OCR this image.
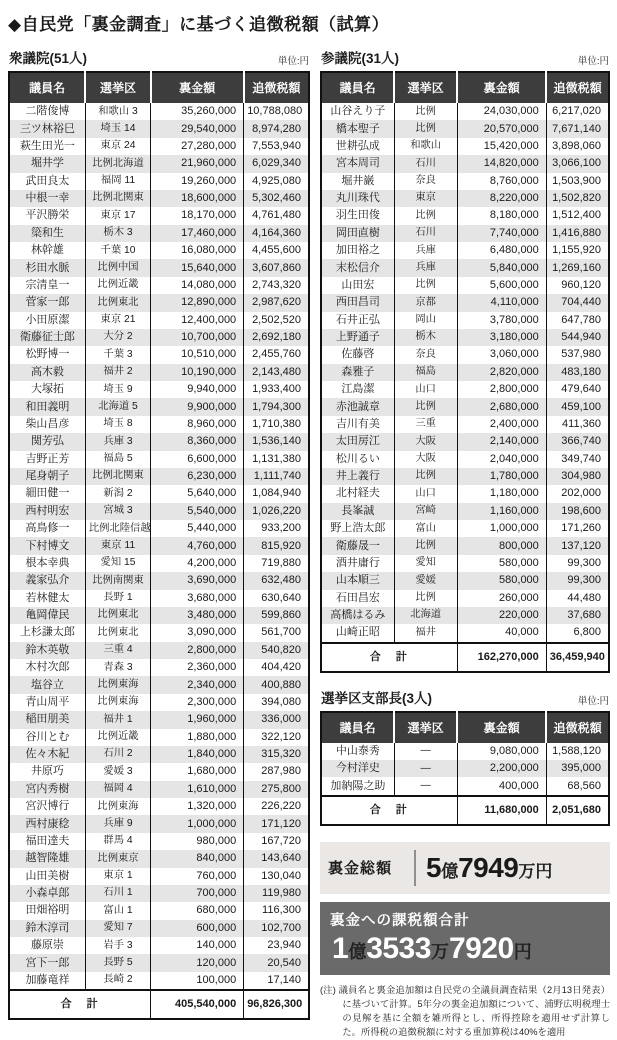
◆自民党「裏金調査」に基づく追徴税額（試算）
衆議院(51人)	単位:円
議員名	選挙区	裏金額	追徴税額
二階俊博	和歌山 3	35,260,000	10,788,080
三ツ林裕巳	埼玉 14	29,540,000	8,974,280
萩生田光一	東京 24	27,280,000	7,553,940
堀井学	比例北海道	21,960,000	6,029,340
武田良太	福岡 11	19,260,000	4,925,080
中根一幸	比例北関東	18,600,000	5,302,460
平沢勝栄	東京 17	18,170,000	4,761,480
簗和生	栃木 3	17,460,000	4,164,360
林幹雄	千葉 10	16,080,000	4,455,600
杉田水脈	比例中国	15,640,000	3,607,860
宗清皇一	比例近畿	14,080,000	2,743,320
菅家一郎	比例東北	12,890,000	2,987,620
小田原潔	東京 21	12,400,000	2,502,520
衛藤征士郎	大分 2	10,700,000	2,692,180
松野博一	千葉 3	10,510,000	2,455,760
高木毅	福井 2	10,190,000	2,143,480
大塚拓	埼玉 9	9,940,000	1,933,400
和田義明	北海道 5	9,900,000	1,794,300
柴山昌彦	埼玉 8	8,960,000	1,710,380
関芳弘	兵庫 3	8,360,000	1,536,140
吉野正芳	福島 5	6,600,000	1,131,380
尾身朝子	比例北関東	6,230,000	1,111,740
細田健一	新潟 2	5,640,000	1,084,940
西村明宏	宮城 3	5,540,000	1,026,220
高鳥修一	比例北陸信越	5,440,000	933,200
下村博文	東京 11	4,760,000	815,920
根本幸典	愛知 15	4,200,000	719,880
義家弘介	比例南関東	3,690,000	632,480
若林健太	長野 1	3,680,000	630,640
亀岡偉民	比例東北	3,480,000	599,860
上杉謙太郎	比例東北	3,090,000	561,700
鈴木英敬	三重 4	2,800,000	540,820
木村次郎	青森 3	2,360,000	404,420
塩谷立	比例東海	2,340,000	400,880
青山周平	比例東海	2,300,000	394,080
稲田朋美	福井 1	1,960,000	336,000
谷川とむ	比例近畿	1,880,000	322,120
佐々木紀	石川 2	1,840,000	315,320
井原巧	愛媛 3	1,680,000	287,980
宮内秀樹	福岡 4	1,610,000	275,800
宮沢博行	比例東海	1,320,000	226,220
西村康稔	兵庫 9	1,000,000	171,120
福田達夫	群馬 4	980,000	167,720
越智隆雄	比例東京	840,000	143,640
山田美樹	東京 1	760,000	130,040
小森卓郎	石川 1	700,000	119,980
田畑裕明	富山 1	680,000	116,300
鈴木淳司	愛知 7	600,000	102,700
藤原崇	岩手 3	140,000	23,940
宮下一郎	長野 5	120,000	20,540
加藤竜祥	長崎 2	100,000	17,140
合　計		405,540,000	96,826,300
参議院(31人)	単位:円
議員名	選挙区	裏金額	追徴税額
山谷えり子	比例	24,030,000	6,217,020
橋本聖子	比例	20,570,000	7,671,140
世耕弘成	和歌山	15,420,000	3,898,060
宮本周司	石川	14,820,000	3,066,100
堀井巌	奈良	8,760,000	1,503,900
丸川珠代	東京	8,220,000	1,502,820
羽生田俊	比例	8,180,000	1,512,400
岡田直樹	石川	7,740,000	1,416,880
加田裕之	兵庫	6,480,000	1,155,920
末松信介	兵庫	5,840,000	1,269,160
山田宏	比例	5,600,000	960,120
西田昌司	京都	4,110,000	704,440
石井正弘	岡山	3,780,000	647,780
上野通子	栃木	3,180,000	544,940
佐藤啓	奈良	3,060,000	537,980
森雅子	福島	2,820,000	483,180
江島潔	山口	2,800,000	479,640
赤池誠章	比例	2,680,000	459,100
吉川有美	三重	2,400,000	411,360
太田房江	大阪	2,140,000	366,740
松川るい	大阪	2,040,000	349,740
井上義行	比例	1,780,000	304,980
北村経夫	山口	1,180,000	202,000
長峯誠	宮崎	1,160,000	198,600
野上浩太郎	富山	1,000,000	171,260
衛藤晟一	比例	800,000	137,120
酒井庸行	愛知	580,000	99,300
山本順三	愛媛	580,000	99,300
石田昌宏	比例	260,000	44,480
高橋はるみ	北海道	220,000	37,680
山崎正昭	福井	40,000	6,800
合　計		162,270,000	36,459,940
選挙区支部長(3人)	単位:円
議員名	選挙区	裏金額	追徴税額
中山泰秀	―	9,080,000	1,588,120
今村洋史	―	2,200,000	395,000
加納陽之助	―	400,000	68,560
合　計		11,680,000	2,051,680
裏金総額	5億7949万円
裏金への課税額合計
1億3533万7920円

(注) 議員名と裏金追加額は自民党の全議員調査結果（2月13日発表）に基づいて計算。5年分の裏金追加額について、浦野広明税理士の見解を基に全額を雑所得とし、所得控除を適用せず計算した。所得税の追徴税額に対する重加算税は40%を適用
